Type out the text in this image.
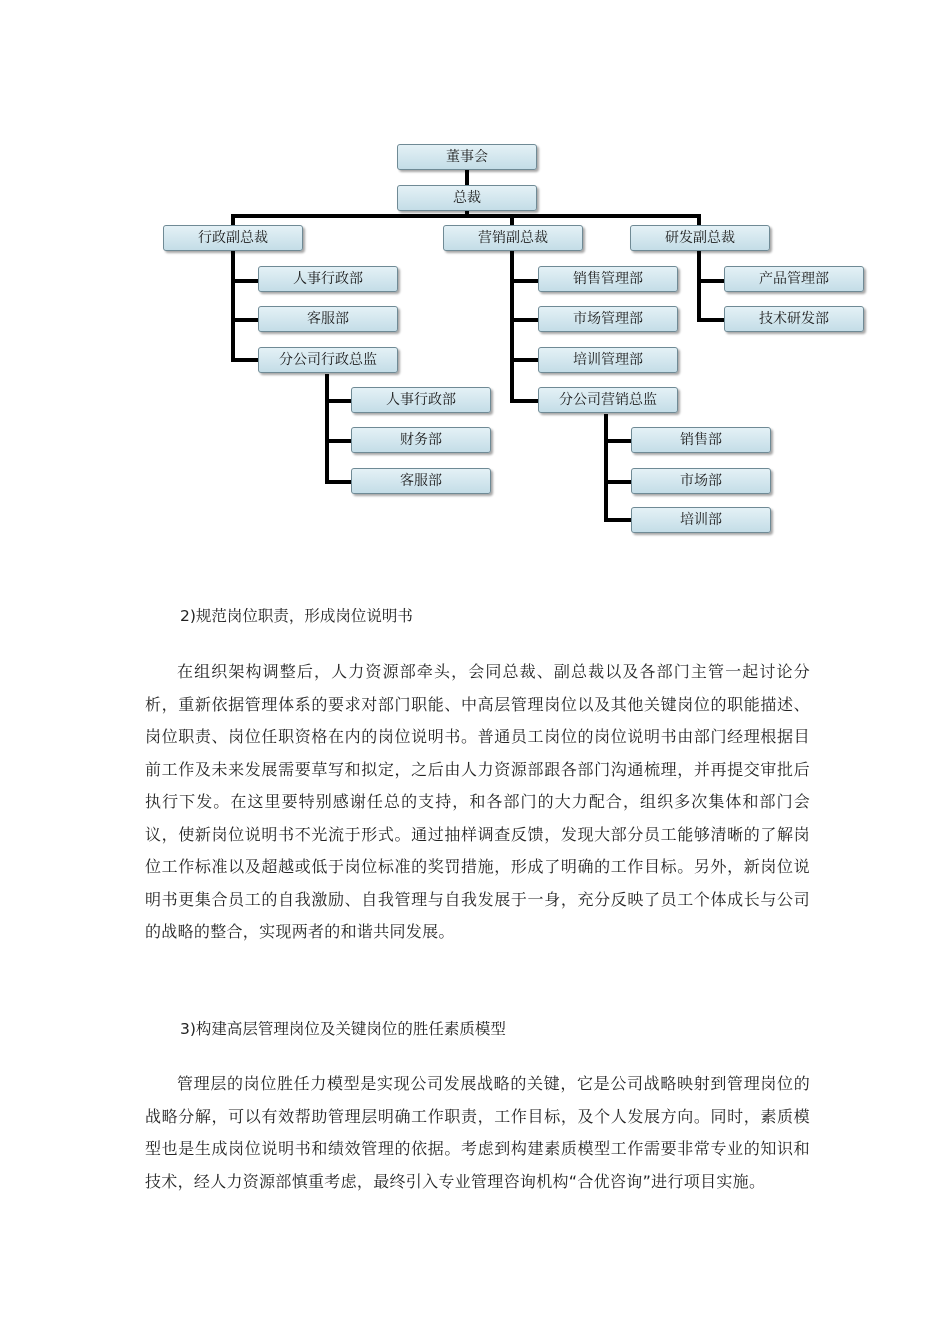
董事会
总裁
行政副总裁	营销副总裁	研发副总裁
人事行政部
客服部
分公司行政总监
人事行政部
财务部
客服部
销售管理部
市场管理部
培训管理部
分公司营销总监
销售部
市场部
培训部
产品管理部
技术研发部

2)规范岗位职责，形成岗位说明书

在组织架构调整后，人力资源部牵头，会同总裁、副总裁以及各部门主管一起讨论分析，重新依据管理体系的要求对部门职能、中高层管理岗位以及其他关键岗位的职能描述、岗位职责、岗位任职资格在内的岗位说明书。普通员工岗位的岗位说明书由部门经理根据目前工作及未来发展需要草写和拟定，之后由人力资源部跟各部门沟通梳理，并再提交审批后执行下发。在这里要特别感谢任总的支持，和各部门的大力配合，组织多次集体和部门会议，使新岗位说明书不光流于形式。通过抽样调查反馈，发现大部分员工能够清晰的了解岗位工作标准以及超越或低于岗位标准的奖罚措施，形成了明确的工作目标。另外，新岗位说明书更集合员工的自我激励、自我管理与自我发展于一身，充分反映了员工个体成长与公司的战略的整合，实现两者的和谐共同发展。

3)构建高层管理岗位及关键岗位的胜任素质模型

管理层的岗位胜任力模型是实现公司发展战略的关键，它是公司战略映射到管理岗位的战略分解，可以有效帮助管理层明确工作职责，工作目标，及个人发展方向。同时，素质模型也是生成岗位说明书和绩效管理的依据。考虑到构建素质模型工作需要非常专业的知识和技术，经人力资源部慎重考虑，最终引入专业管理咨询机构“合优咨询”进行项目实施。
